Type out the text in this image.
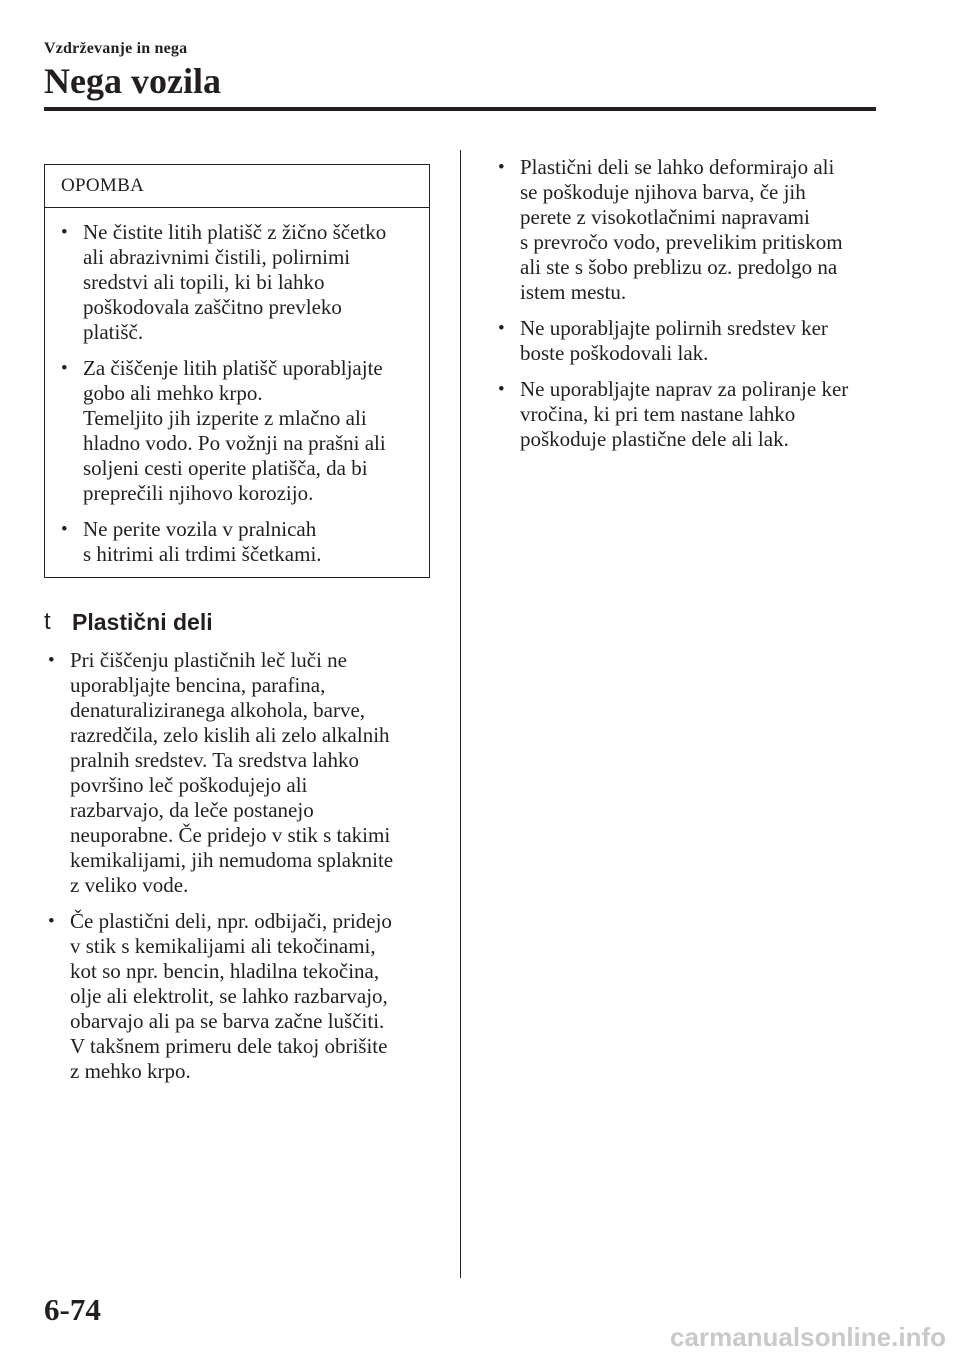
Vzdrževanje in nega
Nega vozila
OPOMBA
• Ne čistite litih platišč z žično ščetko
ali abrazivnimi čistili, polirnimi
sredstvi ali topili, ki bi lahko
poškodovala zaščitno prevleko
platišč.
• Za čiščenje litih platišč uporabljajte
gobo ali mehko krpo.
Temeljito jih izperite z mlačno ali
hladno vodo. Po vožnji na prašni ali
soljeni cesti operite platišča, da bi
preprečili njihovo korozijo.
• Ne perite vozila v pralnicah
s hitrimi ali trdimi ščetkami.
t Plastični deli
• Pri čiščenju plastičnih leč luči ne
uporabljajte bencina, parafina,
denaturaliziranega alkohola, barve,
razredčila, zelo kislih ali zelo alkalnih
pralnih sredstev. Ta sredstva lahko
površino leč poškodujejo ali
razbarvajo, da leče postanejo
neuporabne. Če pridejo v stik s takimi
kemikalijami, jih nemudoma splaknite
z veliko vode.
• Če plastični deli, npr. odbijači, pridejo
v stik s kemikalijami ali tekočinami,
kot so npr. bencin, hladilna tekočina,
olje ali elektrolit, se lahko razbarvajo,
obarvajo ali pa se barva začne luščiti.
V takšnem primeru dele takoj obrišite
z mehko krpo.
• Plastični deli se lahko deformirajo ali
se poškoduje njihova barva, če jih
perete z visokotlačnimi napravami
s prevročo vodo, prevelikim pritiskom
ali ste s šobo preblizu oz. predolgo na
istem mestu.
• Ne uporabljajte polirnih sredstev ker
boste poškodovali lak.
• Ne uporabljajte naprav za poliranje ker
vročina, ki pri tem nastane lahko
poškoduje plastične dele ali lak.
6-74
carmanualsonline.info
